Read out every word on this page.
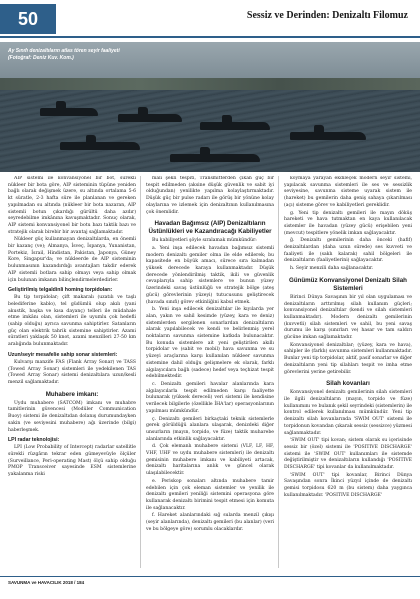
50	Sessiz ve Derinden: Denizaltı Filomuz
Ay Sınıfı denizaltıların atlas tören seyir faaliyeti
(Fotoğraf: Deniz Kuv. Kom.)

AIP sistemi ile konvansiyonel bir bot, sürekli nükleer bir bota göre, AIP sisteminin tüpüne yeniden bağlı olarak değişmek üzere, su altında ortalama 5-6 kt süratle, 2-3 hafta süre ile planlanan ve gereken yapılmadan su altında (nükleer bir bota nazaran, AIP sistemli botun çıkardığı gürültü daha azdır) seyredebilme imkânına kavuşmaktadır. Sonuç olarak, AIP sistemi konvansiyonel bir botu bazı taktik bazı ve stratejik olarak birebir bir avantaj sağlamaktadır.

Nükleer güç kullanmayan denizaltılarda, en önemli bir kazanç (ve); Almanya, İsveç, İspanya, Yunanistan, Portekiz, İsrail, Hindistan, Pakistan, Japonya, Güney Kore, Singapur'da; ve nükleerde de AIP sisteminin bulunmasının kazandırdığı avantajları takdir ederek AIP sistemli botlara sahip olmayı veya sahip olmak için bulunan imkanın bilinçlendirmelerdedirler.

Geliştirilmiş telgaldinli homing torpidoları:

Bu tip torpidolar; çift makaralı (uzatılı ve taşlı belediferine kablo), tel güdümlü olup akılı (yani akustik, başka ve kısa dayanç) telleri ile müdahale etme imkânı olan, sistemleri ile uyumlu çok hedefli (sahip olduğu) ayrıca savunma sahiptirler. Satanların güç olan elektrik tahrik sistemine sahiptirler. Azami süratleri yaklaşık 50 knot, azami menzilleri 27-50 km aralığında bulunmaktadır.

Uzun/seyir mesafelie sahip sonar sistemleri:

Kulvarşı manzife FAS (Flank Array Sonar) ve TASS (Towed Array Sonar) sistemleri ile yedekilenen TAS (Towed Array Sonar) sistemi denizaltılara uzun/kesli menzil sağlamaktadır.

Muhabere imkanı:

Uydu muhabere (SATCOM) imkanı ve muhabre tamitlerinin güvencesi (Modüler Communication Buoy) sistemi ile denizaltıdan dolanış durumundayken sakin (ve seviyesini muhabere) ağı üzerinde (bilgi) haberleşmek.

LPI radar teknolojisi:

LPI (Low Probability of Intercept) radarlar satellitle sürekli rüzgârın tekrar eden gümeyevüyle ölçüler (Surveillance, Peri-operating Mast) ölçü sahip olduğu PMOP Transceiver sayesinde ESM sistemlerine yakalanma riski

mali şekli tespiti, Transmitterden çıkan güç bir tespit edilmeden (aksine düşük güvenlik ve sabit iyi olduğundan) yenilikte yapılma kolaylaştırmaktadır. Düşük güç bir pulse radarı ile görüş bir yönüne kolay olaylarına ve izlemek için denizaltının kullanılmasına çok önemlidir.

Havadan Bağımsız (AIP) Denizaltıların Üstünlükleri ve Kazandıracağı Kabiliyetler

Bu kabiliyetleri şöyle sıralamak mümkündür:

a. Yeni inşa edilecek havadan bağımsız sistemli modern denizaltı gemiler olma ile elde edilerek; bu kapasitede en büyük amacı, sürece sıra kalmadan yüksek derecede karaya kullanmaktadır. Düşük derecede yönlendirilmiş taktik, ikili ve güvenlik cevaplarıyla sahip sistemlere ve bunun yüzey üzerindeki savaş üstünlüğü ve stratejik bölge (ateş gücü) görevlerinin yüzeyi) tutucusunu geliştirecek (havada sınıfı) görev etkinliğini kabul etmek.

b. Yeni inşa edilecek denizaltılar ile kıyılarda yer alan, yakın ve sahil kesimde (yüzey, kara ve deniz) sistemlerden sergilenen sonarlardan denizaltıların alarak yapılabilecek ve kendi ve belirlenmiş yerel noktaların savunma sistemine katkıda bulunacaktır. Bu konuda sistemlere ait yeni geliştirilen akıllı torpidolar ve (sabit ve mobil) hava savunma ve su yüzeyi araçlarına karşı kullanılan nükleer savunma sistemine dahil olduğu gelişmelere ek olarak, farklı algılayıcılara bağlı (sadece) hedef veya teçhizat tespit edebilmektedir.

c. Denizaltı gemileri havalar alanlarında kara algılayıcılarla tespit edilmeden karşı faaliyette bulunarak (yüksek dereceli) veri sistemi ile kendisine verilecek bilgilerle (özellikle İHA'lar) operasyonlarının yapılması mümkündür.

ç. Denizaltı gemileri birkaçtaki teknik sistemlerle gerek görüldüğü alanlara ulaşarak, denizdeki diğer unsurların (mayın, torpido, ve füze) taktik muharebe alanlarında etkinlik sağlayacaktır.

d. Çok elemanlı muhabere sistemi (VLF, LF, HF, VHF, UHF ve uydu muhabere sistemleri) ile denizaltı gemisinin muhabere imkanı ve kabiliyeti artacak, denizaltı haritalarına anlık ve güncel olarak ulaşılabilecektir.

e. Periskop sonaları altında muhabere tamir edebilen için çok eleman sistemler ve yenilik ile denizaltı gemileri yeniliği sistemini operasyona göre kullanarak denizaltı birimini tespit etmesi için komuta ile sağlanacaktır.

f. Hareket alanlarındaki sığ sularda menzil çıkışı (seyir alanlarında), denizaltı gemileri (bu alanlar) (veri ve bu bölgeye göre) sorumlu olacaklardır.

koymaya yarayan ekdileçek modern seyir sistemi, yapılacak savunma sistemleri ile ses ve sessizlik seviyesine, savunma sisteme uyarak sistem ile (hareket) bu gemilerin daha geniş sahaya çıkarılması (açı) sisteme görev ve kabiliyetleri gereklidir.

g. Yeni tip denizaltı gemileri ile mayın döküş hareketi ve hava tutmaktan en kaya kullanılacak sistemler ile havadan (yüzey gücü) erişebilen yeni (mevcut) tespitlere yönelik imkan sağlayacaktır.

ğ. Denizaltı gemilerinin daha önceki (hafif) denizaltılardan (daha uzun sürede) ses kuvveti ve faaliyeti ile (saklı kalarak) sahil bölgeleri ile denizaltıların (faaliyetlerini) sağlayacaktır.

h. Seyir menzili daha sağlanacaktır.

Günümüz Konvansiyonel Denizaltı Silah Sistemleri

Birinci Dünya Savaşının bir yıl olan uygulaması ve denizaltıların arttırılmış silah kullanım güçleri; konvansiyonel denizaltılar (kendi ve silah sistemleri kullanmaktadır). Modern denizaltı gemilerinin (kuvvetli) silah sistemleri ve sahil, bu yeni savaş durumu ile karşı (sınırları ve) hasar ve tam saldırı gücüne imkan sağlamaktadır.

Konvansiyonel denizaltılar; (yüzey, kara ve hava), sahipler ile (farklı) savunma sistemleri kullanmaktadır. Bunlar yeni tip torpidolar, aktif, pasif sonarlar ve diğer denizaltıların yeni tip silahları tespit ve imha etme görevlerini yerine getirebilir.

Silah kovanları

Konvansiyonel denizaltı gemilerinin silah sistemleri ile ilgili denizaltıların (mayın, torpido ve füze) kullanımını ve bulanık şekil seyrindeki (sistemlerin) ile kontrol edilerek kullanılması mümkündür. Yeni tip denizaltı silah kovanlarında 'SWIM OUT' sistemi ile torpidonun kovandan çıkarak sessiz (sessizce) yüzmesi sağlanmaktadır.

'SWIM OUT' tipi kovan; sistem olarak su içerisinde sessiz bir (özel) sistemi ile 'POSITIVE DISCHARGE' sistemi ile 'SWIM OUT' kullanımları ile sistemde değiştirilmiştir ve denizaltıların kullandığı 'POSITIVE DISCHARGE' tipi kovanlar da kullanılmaktadır.

'SWIM OUT' tipi kovanlar, Birinci Dünya Savaşından sonra İkinci yüzyıl içinde de denizaltı gemisi torpidosu 620 m (bu sistem) daha yaygınca kullanılmaktadır. 'POSITIVE DISCHARGE'

SAVUNMA ve HAVACILIK 2018 / 184
